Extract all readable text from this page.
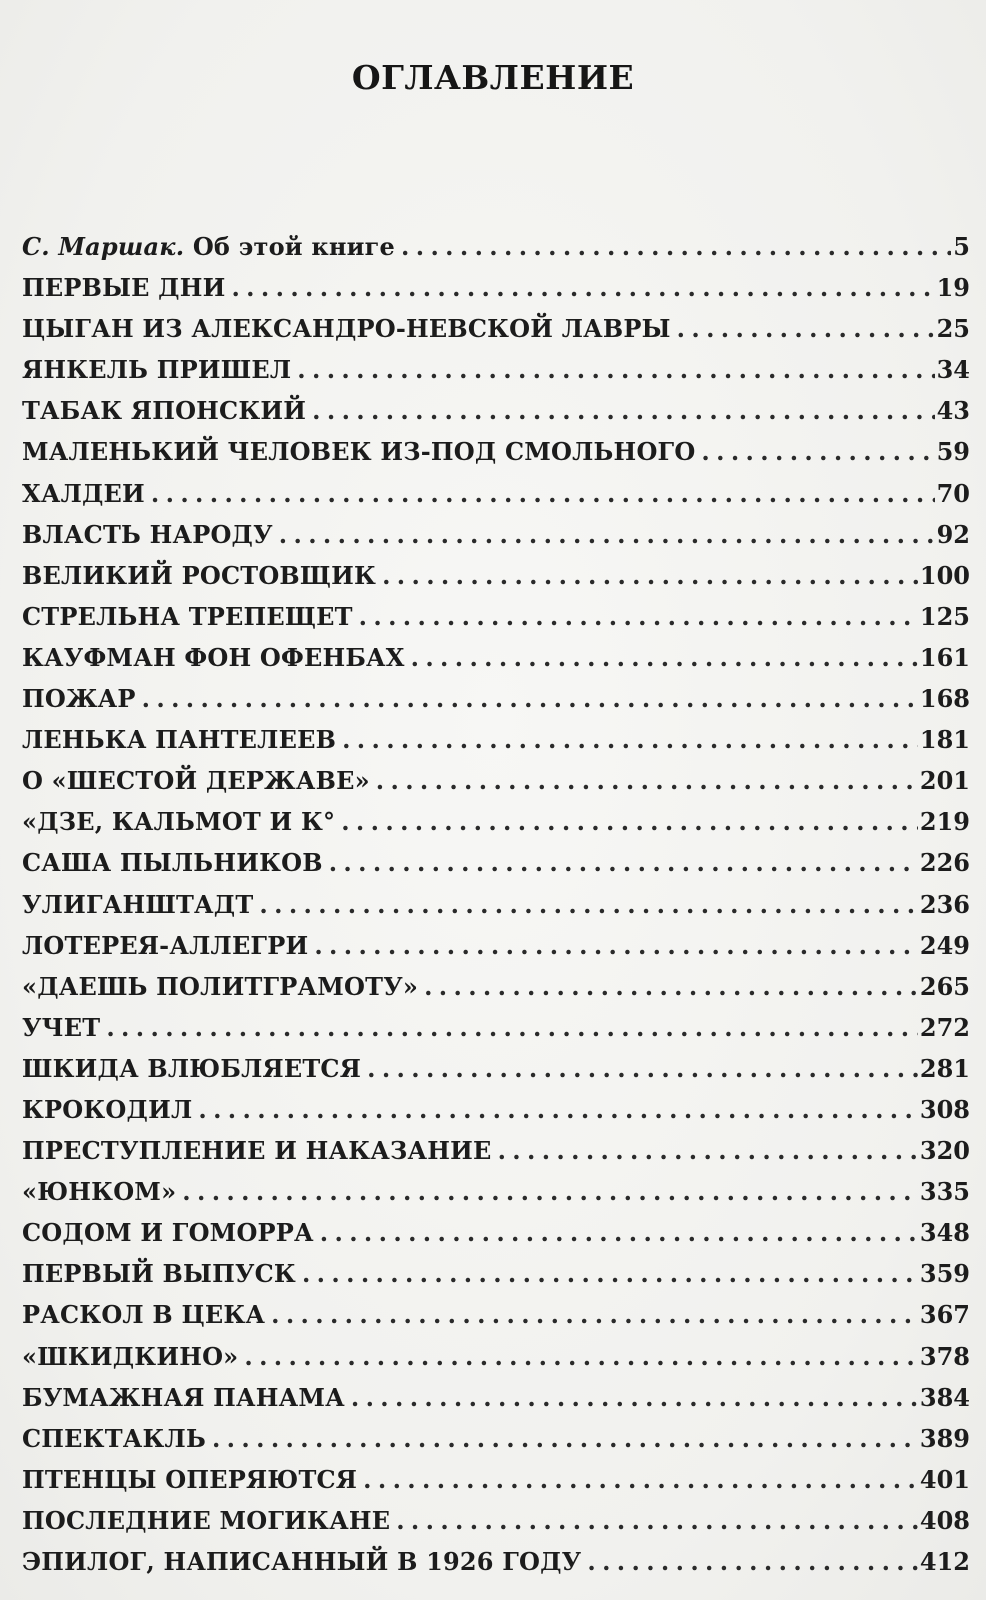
ОГЛАВЛЕНИЕ
С. Маршак. Об этой книге . . .	5
ПЕРВЫЕ ДНИ . . .	19
ЦЫГАН ИЗ АЛЕКСАНДРО-НЕВСКОЙ ЛАВРЫ . . .	25
ЯНКЕЛЬ ПРИШЕЛ . . .	34
ТАБАК ЯПОНСКИЙ . . .	43
МАЛЕНЬКИЙ ЧЕЛОВЕК ИЗ-ПОД СМОЛЬНОГО . . .	59
ХАЛДЕИ . . .	70
ВЛАСТЬ НАРОДУ . . .	92
ВЕЛИКИЙ РОСТОВЩИК . . .	100
СТРЕЛЬНА ТРЕПЕЩЕТ . . .	125
КАУФМАН ФОН ОФЕНБАХ . . .	161
ПОЖАР . . .	168
ЛЕНЬКА ПАНТЕЛЕЕВ . . .	181
О «ШЕСТОЙ ДЕРЖАВЕ» . . .	201
«ДЗЕ, КАЛЬМОТ И К° . . .	219
САША ПЫЛЬНИКОВ . . .	226
УЛИГАНШТАДТ . . .	236
ЛОТЕРЕЯ-АЛЛЕГРИ . . .	249
«ДАЕШЬ ПОЛИТГРАМОТУ» . . .	265
УЧЕТ . . .	272
ШКИДА ВЛЮБЛЯЕТСЯ . . .	281
КРОКОДИЛ . . .	308
ПРЕСТУПЛЕНИЕ И НАКАЗАНИЕ . . .	320
«ЮНКОМ» . . .	335
СОДОМ И ГОМОРРА . . .	348
ПЕРВЫЙ ВЫПУСК . . .	359
РАСКОЛ В ЦЕКА . . .	367
«ШКИДКИНО» . . .	378
БУМАЖНАЯ ПАНАМА . . .	384
СПЕКТАКЛЬ . . .	389
ПТЕНЦЫ ОПЕРЯЮТСЯ . . .	401
ПОСЛЕДНИЕ МОГИКАНЕ . . .	408
ЭПИЛОГ, НАПИСАННЫЙ В 1926 ГОДУ . . .	412
